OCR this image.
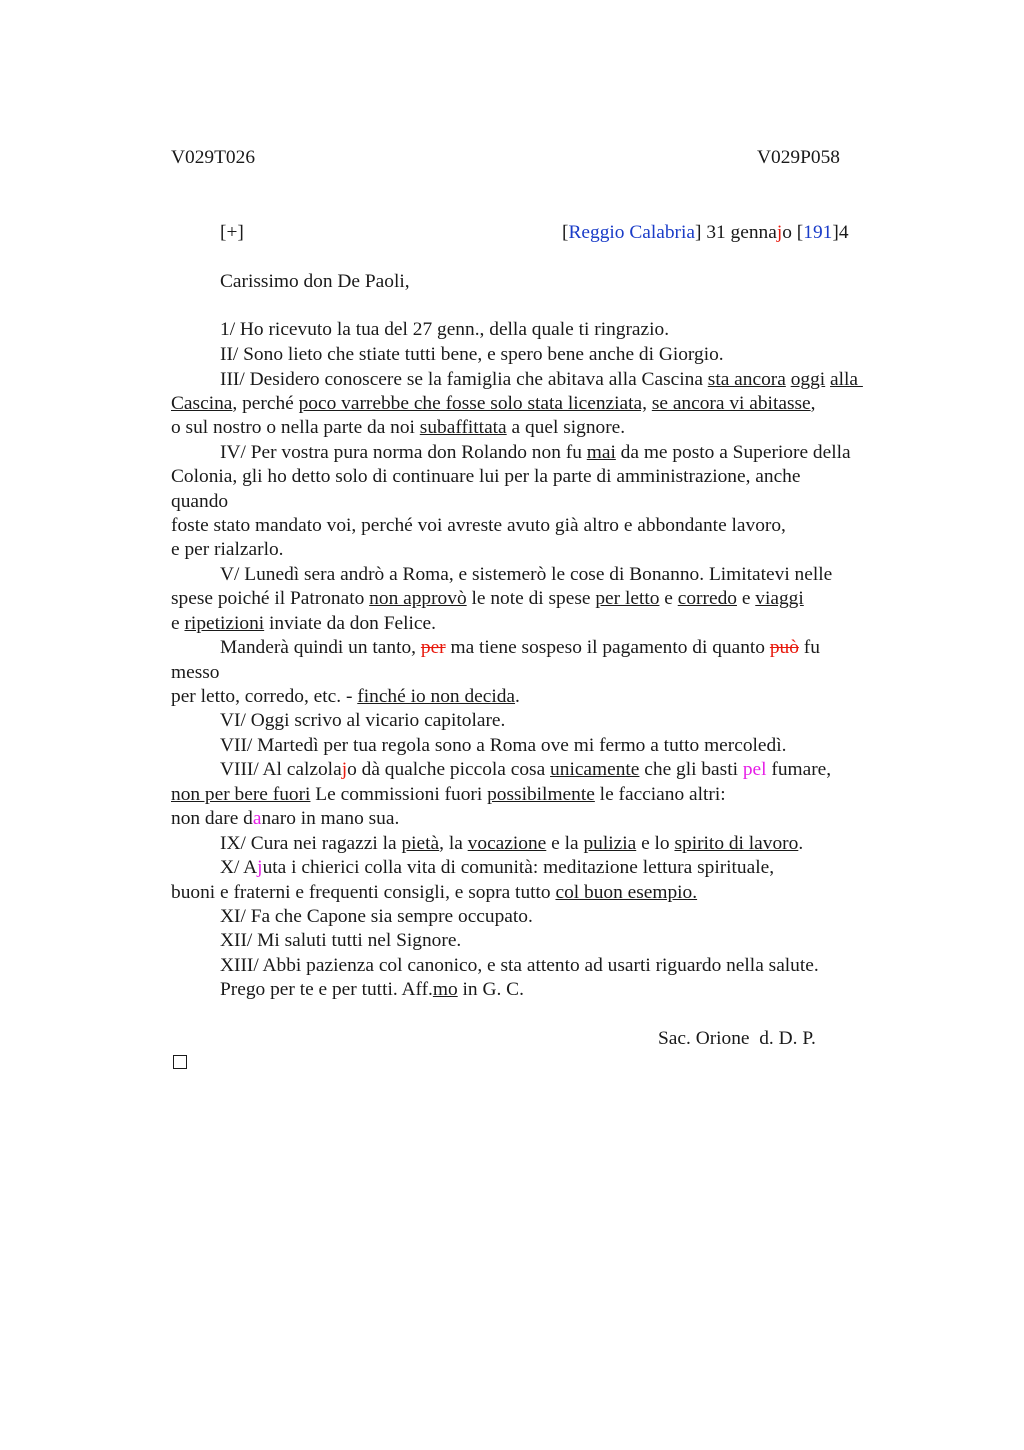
V029T026	V029P058
[+]	[Reggio Calabria] 31 gennajo [191]4
Carissimo don De Paoli,
1/ Ho ricevuto la tua del 27 genn., della quale ti ringrazio.
II/ Sono lieto che stiate tutti bene, e spero bene anche di Giorgio.
III/ Desidero conoscere se la famiglia che abitava alla Cascina sta ancora oggi alla
Cascina, perché poco varrebbe che fosse solo stata licenziata, se ancora vi abitasse,
o sul nostro o nella parte da noi subaffittata a quel signore.
IV/ Per vostra pura norma don Rolando non fu mai da me posto a Superiore della
Colonia, gli ho detto solo di continuare lui per la parte di amministrazione, anche
quando
foste stato mandato voi, perché voi avreste avuto già altro e abbondante lavoro,
e per rialzarlo.
V/ Lunedì sera andrò a Roma, e sistemerò le cose di Bonanno. Limitatevi nelle
spese poiché il Patronato non approvò le note di spese per letto e corredo e viaggi
e ripetizioni inviate da don Felice.
Manderà quindi un tanto, per ma tiene sospeso il pagamento di quanto può fu
messo
per letto, corredo, etc. - finché io non decida.
VI/ Oggi scrivo al vicario capitolare.
VII/ Martedì per tua regola sono a Roma ove mi fermo a tutto mercoledì.
VIII/ Al calzolajo dà qualche piccola cosa unicamente che gli basti pel fumare,
non per bere fuori Le commissioni fuori possibilmente le facciano altri:
non dare danaro in mano sua.
IX/ Cura nei ragazzi la pietà, la vocazione e la pulizia e lo spirito di lavoro.
X/ Ajuta i chierici colla vita di comunità: meditazione lettura spirituale,
buoni e fraterni e frequenti consigli, e sopra tutto col buon esempio.
XI/ Fa che Capone sia sempre occupato.
XII/ Mi saluti tutti nel Signore.
XIII/ Abbi pazienza col canonico, e sta attento ad usarti riguardo nella salute.
Prego per te e per tutti. Aff.mo in G. C.
Sac. Orione  d. D. P.
